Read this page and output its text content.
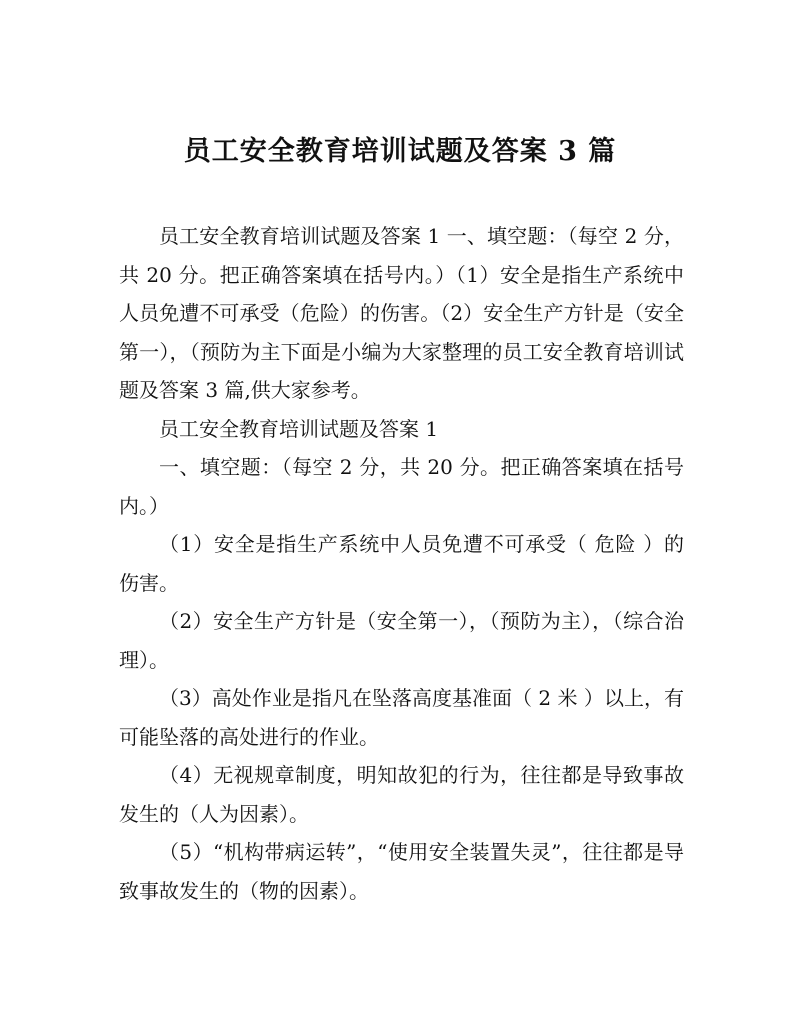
员工安全教育培训试题及答案 3 篇

员工安全教育培训试题及答案 1 一、填空题：（每空 2 分，共 20 分。把正确答案填在括号内。）（1）安全是指生产系统中人员免遭不可承受（危险）的伤害。（2）安全生产方针是（安全第一），（预防为主下面是小编为大家整理的员工安全教育培训试题及答案 3 篇,供大家参考。

员工安全教育培训试题及答案 1

一、填空题：（每空 2 分，共 20 分。把正确答案填在括号内。）

（1）安全是指生产系统中人员免遭不可承受（ 危险 ）的伤害。

（2）安全生产方针是（安全第一），（预防为主），（综合治理）。

（3）高处作业是指凡在坠落高度基准面（ 2 米 ）以上，有可能坠落的高处进行的作业。

（4）无视规章制度，明知故犯的行为，往往都是导致事故发生的（人为因素）。

（5）“机构带病运转”，“使用安全装置失灵”，往往都是导致事故发生的（物的因素）。
